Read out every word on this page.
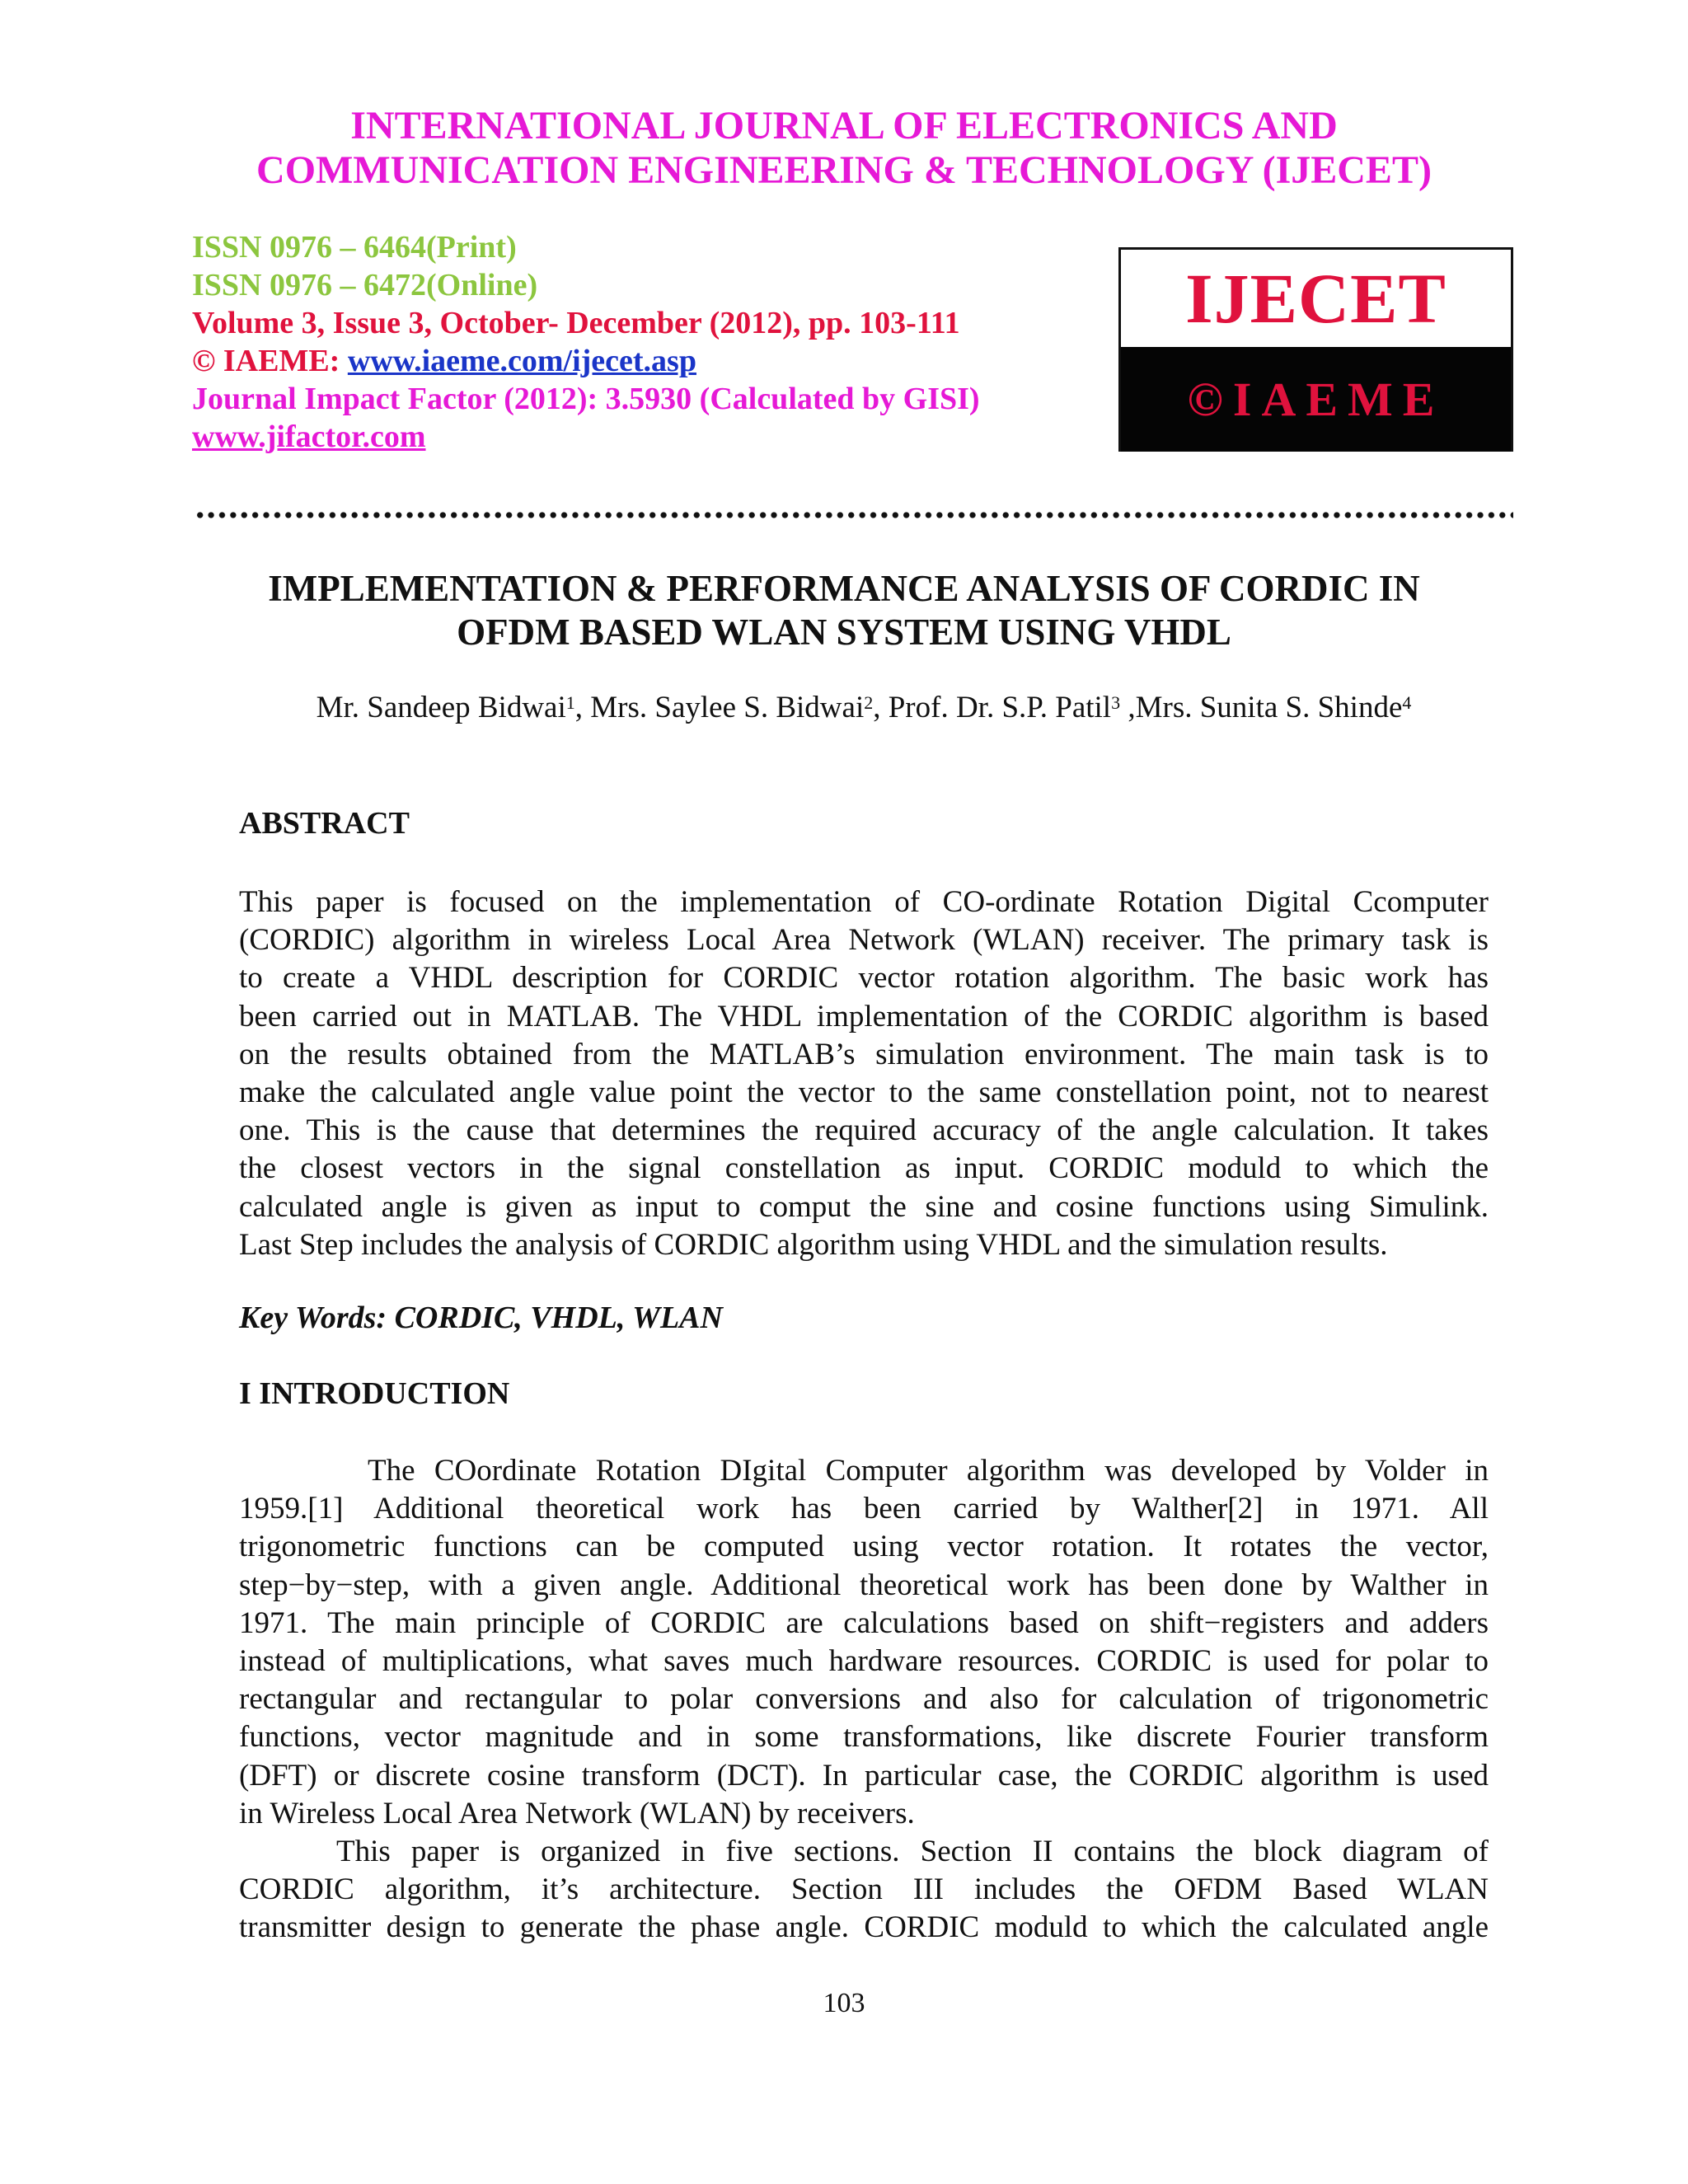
INTERNATIONAL JOURNAL OF ELECTRONICS AND
COMMUNICATION ENGINEERING & TECHNOLOGY (IJECET)
ISSN 0976 – 6464(Print)
ISSN 0976 – 6472(Online)
Volume 3, Issue 3, October- December (2012), pp. 103-111
© IAEME: www.iaeme.com/ijecet.asp
Journal Impact Factor (2012): 3.5930 (Calculated by GISI)
www.jifactor.com
IJECET
©IAEME
IMPLEMENTATION & PERFORMANCE ANALYSIS OF CORDIC IN
OFDM BASED WLAN SYSTEM USING VHDL
Mr. Sandeep Bidwai$^1$, Mrs. Saylee S. Bidwai$^2$, Prof. Dr. S.P. Patil$^3$ ,Mrs. Sunita S. Shinde$^4$
ABSTRACT
This paper is focused on the implementation of CO-ordinate Rotation Digital Ccomputer
(CORDIC) algorithm in wireless Local Area Network (WLAN) receiver. The primary task is
to create a VHDL description for CORDIC vector rotation algorithm. The basic work has
been carried out in MATLAB. The VHDL implementation of the CORDIC algorithm is based
on the results obtained from the MATLAB’s simulation environment. The main task is to
make the calculated angle value point the vector to the same constellation point, not to nearest
one. This is the cause that determines the required accuracy of the angle calculation. It takes
the closest vectors in the signal constellation as input. CORDIC moduld to which the
calculated angle is given as input to comput the sine and cosine functions using Simulink.
Last Step includes the analysis of CORDIC algorithm using VHDL and the simulation results.
Key Words: CORDIC, VHDL, WLAN
I INTRODUCTION
The COordinate Rotation DIgital Computer algorithm was developed by Volder in
1959.[1] Additional theoretical work has been carried by Walther[2] in 1971. All
trigonometric functions can be computed using vector rotation. It rotates the vector,
step−by−step, with a given angle. Additional theoretical work has been done by Walther in
1971. The main principle of CORDIC are calculations based on shift−registers and adders
instead of multiplications, what saves much hardware resources. CORDIC is used for polar to
rectangular and rectangular to polar conversions and also for calculation of trigonometric
functions, vector magnitude and in some transformations, like discrete Fourier transform
(DFT) or discrete cosine transform (DCT). In particular case, the CORDIC algorithm is used
in Wireless Local Area Network (WLAN) by receivers.
This paper is organized in five sections. Section II contains the block diagram of
CORDIC algorithm, it’s architecture. Section III includes the OFDM Based WLAN
transmitter design to generate the phase angle. CORDIC moduld to which the calculated angle
103
